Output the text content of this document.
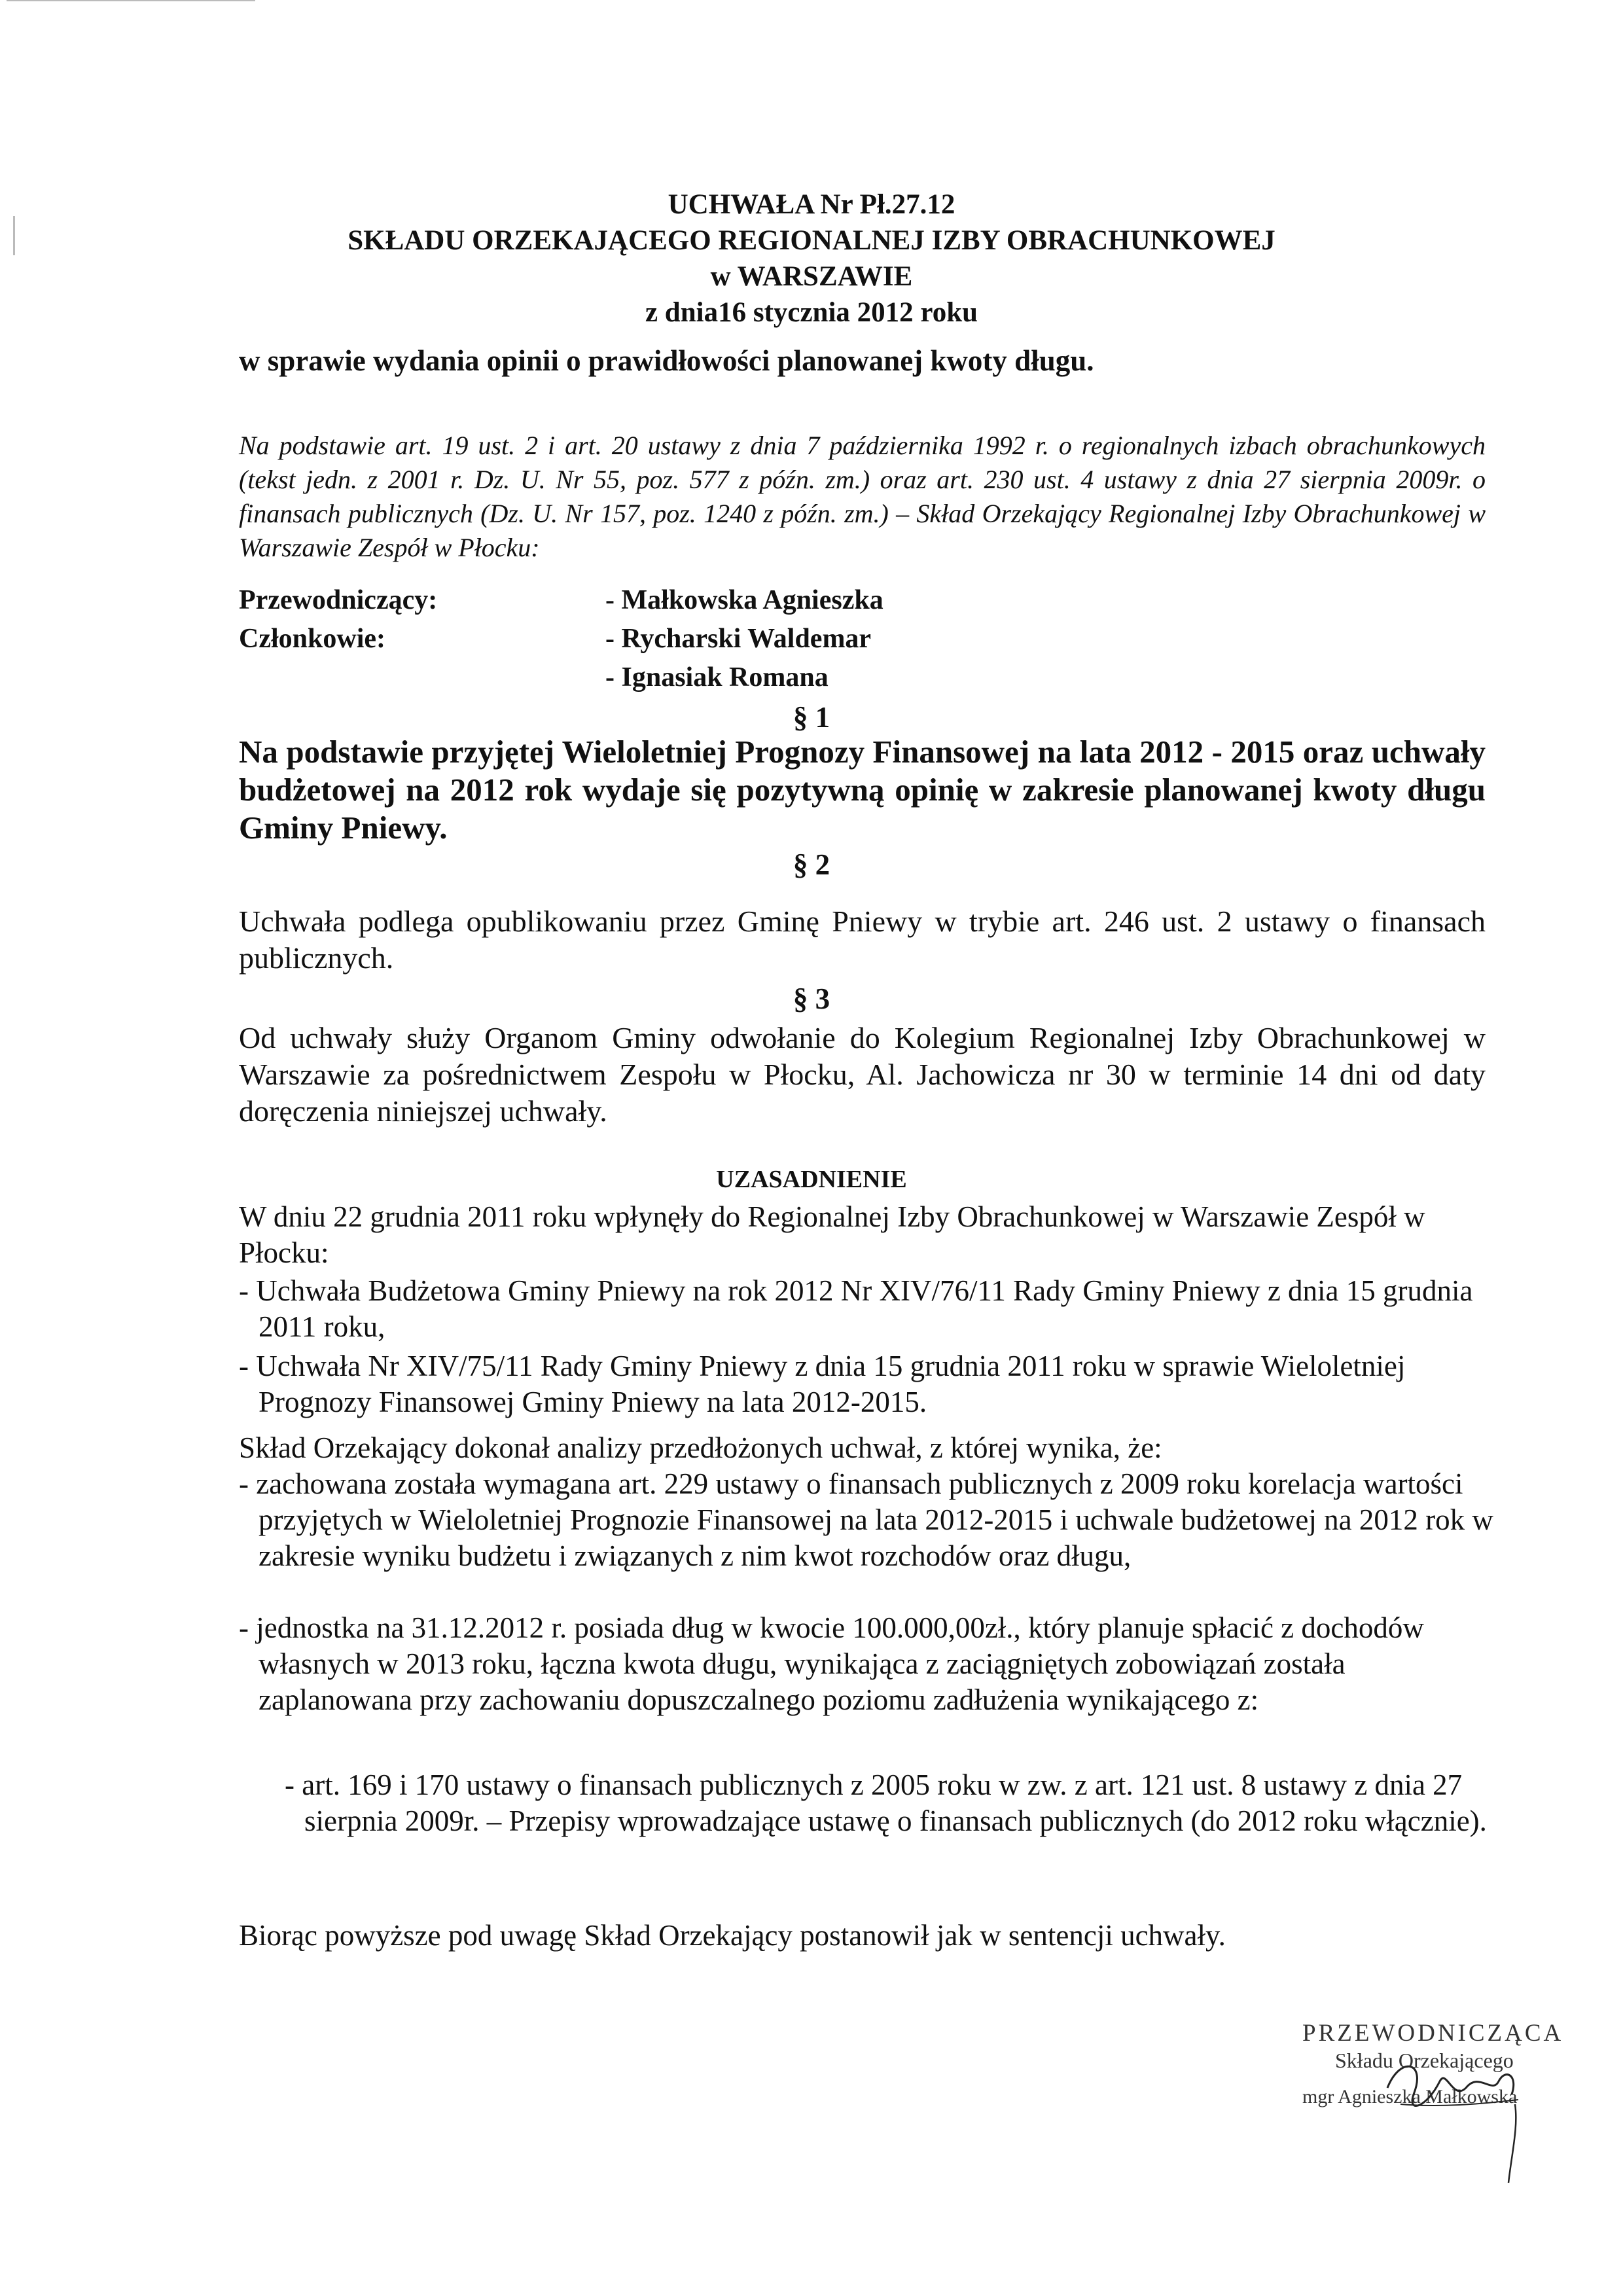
UCHWAŁA Nr Pł.27.12
SKŁADU ORZEKAJĄCEGO REGIONALNEJ IZBY OBRACHUNKOWEJ
w WARSZAWIE
z dnia16 stycznia 2012 roku
w sprawie wydania opinii o prawidłowości planowanej kwoty długu.
Na podstawie art. 19 ust. 2 i art. 20 ustawy z dnia 7 października 1992 r. o regionalnych izbach obrachunkowych (tekst jedn. z 2001 r. Dz. U. Nr 55, poz. 577 z późn. zm.) oraz art. 230 ust. 4 ustawy z dnia 27 sierpnia 2009r. o finansach publicznych (Dz. U. Nr 157, poz. 1240 z późn. zm.) – Skład Orzekający Regionalnej Izby Obrachunkowej w Warszawie Zespół w Płocku:
Przewodniczący:	- Małkowska Agnieszka
Członkowie:	- Rycharski Waldemar
- Ignasiak Romana
§ 1
Na podstawie przyjętej Wieloletniej Prognozy Finansowej na lata 2012 - 2015 oraz uchwały budżetowej na 2012 rok wydaje się pozytywną opinię w zakresie planowanej kwoty długu Gminy Pniewy.
§ 2
Uchwała podlega opublikowaniu przez Gminę Pniewy w trybie art. 246 ust. 2 ustawy o finansach publicznych.
§ 3
Od uchwały służy Organom Gminy odwołanie do Kolegium Regionalnej Izby Obrachunkowej w Warszawie za pośrednictwem Zespołu w Płocku, Al. Jachowicza nr 30 w terminie 14 dni od daty doręczenia niniejszej uchwały.
UZASADNIENIE
W dniu 22 grudnia 2011 roku wpłynęły do Regionalnej Izby Obrachunkowej w Warszawie Zespół w Płocku:
- Uchwała Budżetowa Gminy Pniewy na rok 2012 Nr XIV/76/11 Rady Gminy Pniewy z dnia 15 grudnia 2011 roku,
- Uchwała Nr XIV/75/11 Rady Gminy Pniewy z dnia 15 grudnia 2011 roku w sprawie Wieloletniej Prognozy Finansowej Gminy Pniewy na lata 2012-2015.
Skład Orzekający dokonał analizy przedłożonych uchwał, z której wynika, że:
- zachowana została wymagana art. 229 ustawy o finansach publicznych z 2009 roku korelacja wartości przyjętych w Wieloletniej Prognozie Finansowej na lata 2012-2015 i uchwale budżetowej na 2012 rok w zakresie wyniku budżetu i związanych z nim kwot rozchodów oraz długu,
- jednostka na 31.12.2012 r. posiada dług w kwocie 100.000,00zł., który planuje spłacić z dochodów własnych w 2013 roku, łączna kwota długu, wynikająca z zaciągniętych zobowiązań została zaplanowana przy zachowaniu dopuszczalnego poziomu zadłużenia wynikającego z:
- art. 169 i 170 ustawy o finansach publicznych z 2005 roku w zw. z art. 121 ust. 8 ustawy z dnia 27 sierpnia 2009r. – Przepisy wprowadzające ustawę o finansach publicznych (do 2012 roku włącznie).
Biorąc powyższe pod uwagę Skład Orzekający postanowił jak w sentencji uchwały.

PRZEWODNICZĄCA

Składu Orzekającego

mgr Agnieszka Małkowska
